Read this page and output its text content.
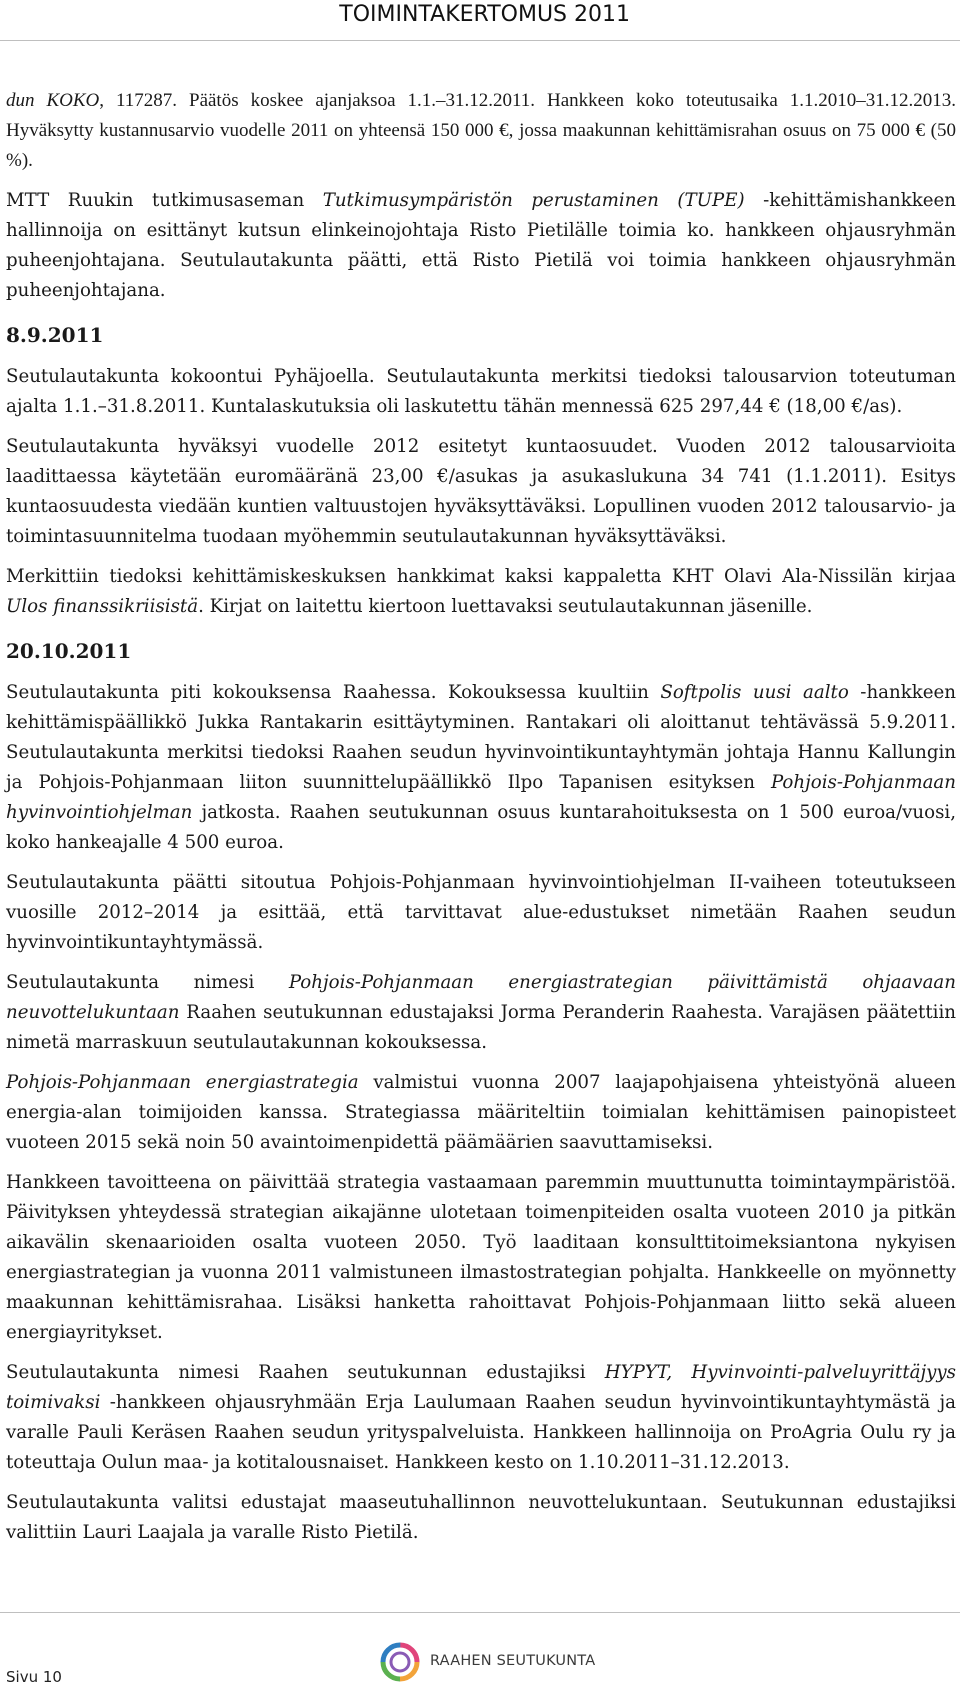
TOIMINTAKERTOMUS 2011

dun KOKO, 117287. Päätös koskee ajanjaksoa 1.1.–31.12.2011. Hankkeen koko toteutusaika 1.1.2010–31.12.2013. Hyväksytty kustannusarvio vuodelle 2011 on yhteensä 150 000 €, jossa maakunnan kehittämisrahan osuus on 75 000 € (50 %).

MTT Ruukin tutkimusaseman Tutkimusympäristön perustaminen (TUPE) -kehittämishankkeen hallinnoija on esittänyt kutsun elinkeinojohtaja Risto Pietilälle toimia ko. hankkeen ohjausryhmän puheenjohtajana. Seutulautakunta päätti, että Risto Pietilä voi toimia hankkeen ohjausryhmän puheenjohtajana.

8.9.2011

Seutulautakunta kokoontui Pyhäjoella. Seutulautakunta merkitsi tiedoksi talousarvion toteutuman ajalta 1.1.–31.8.2011. Kuntalaskutuksia oli laskutettu tähän mennessä 625 297,44 € (18,00 €/as).

Seutulautakunta hyväksyi vuodelle 2012 esitetyt kuntaosuudet. Vuoden 2012 talousarvioita laadittaessa käytetään euromääränä 23,00 €/asukas ja asukaslukuna 34 741 (1.1.2011). Esitys kuntaosuudesta viedään kuntien valtuustojen hyväksyttäväksi. Lopullinen vuoden 2012 talousarvio- ja toimintasuunnitelma tuodaan myöhemmin seutulautakunnan hyväksyttäväksi.

Merkittiin tiedoksi kehittämiskeskuksen hankkimat kaksi kappaletta KHT Olavi Ala-Nissilän kirjaa Ulos finanssikriisistä. Kirjat on laitettu kiertoon luettavaksi seutulautakunnan jäsenille.

20.10.2011

Seutulautakunta piti kokouksensa Raahessa. Kokouksessa kuultiin Softpolis uusi aalto -hankkeen kehittämispäällikkö Jukka Rantakarin esittäytyminen. Rantakari oli aloittanut tehtävässä 5.9.2011. Seutulautakunta merkitsi tiedoksi Raahen seudun hyvinvointikuntayhtymän johtaja Hannu Kallungin ja Pohjois-Pohjanmaan liiton suunnittelupäällikkö Ilpo Tapanisen esityksen Pohjois-Pohjanmaan hyvinvointiohjelman jatkosta. Raahen seutukunnan osuus kuntarahoituksesta on 1 500 euroa/vuosi, koko hankeajalle 4 500 euroa.

Seutulautakunta päätti sitoutua Pohjois-Pohjanmaan hyvinvointiohjelman II-vaiheen toteutukseen vuosille 2012–2014 ja esittää, että tarvittavat alue-edustukset nimetään Raahen seudun hyvinvointikuntayhtymässä.

Seutulautakunta nimesi Pohjois-Pohjanmaan energiastrategian päivittämistä ohjaavaan neuvottelukuntaan Raahen seutukunnan edustajaksi Jorma Peranderin Raahesta. Varajäsen päätettiin nimetä marraskuun seutulautakunnan kokouksessa.

Pohjois-Pohjanmaan energiastrategia valmistui vuonna 2007 laajapohjaisena yhteistyönä alueen energia-alan toimijoiden kanssa. Strategiassa määriteltiin toimialan kehittämisen painopisteet vuoteen 2015 sekä noin 50 avaintoimenpidettä päämäärien saavuttamiseksi.

Hankkeen tavoitteena on päivittää strategia vastaamaan paremmin muuttunutta toimintaympäristöä. Päivityksen yhteydessä strategian aikajänne ulotetaan toimenpiteiden osalta vuoteen 2010 ja pitkän aikavälin skenaarioiden osalta vuoteen 2050. Työ laaditaan konsulttitoimeksiantona nykyisen energiastrategian ja vuonna 2011 valmistuneen ilmastostrategian pohjalta. Hankkeelle on myönnetty maakunnan kehittämisrahaa. Lisäksi hanketta rahoittavat Pohjois-Pohjanmaan liitto sekä alueen energiayritykset.

Seutulautakunta nimesi Raahen seutukunnan edustajiksi HYPYT, Hyvinvointi-palveluyrittäjyys toimivaksi -hankkeen ohjausryhmään Erja Laulumaan Raahen seudun hyvinvointikuntayhtymästä ja varalle Pauli Keräsen Raahen seudun yrityspalveluista. Hankkeen hallinnoija on ProAgria Oulu ry ja toteuttaja Oulun maa- ja kotitalousnaiset. Hankkeen kesto on 1.10.2011–31.12.2013.

Seutulautakunta valitsi edustajat maaseutuhallinnon neuvottelukuntaan. Seutukunnan edustajiksi valittiin Lauri Laajala ja varalle Risto Pietilä.

Sivu 10
RAAHEN SEUTUKUNTA
